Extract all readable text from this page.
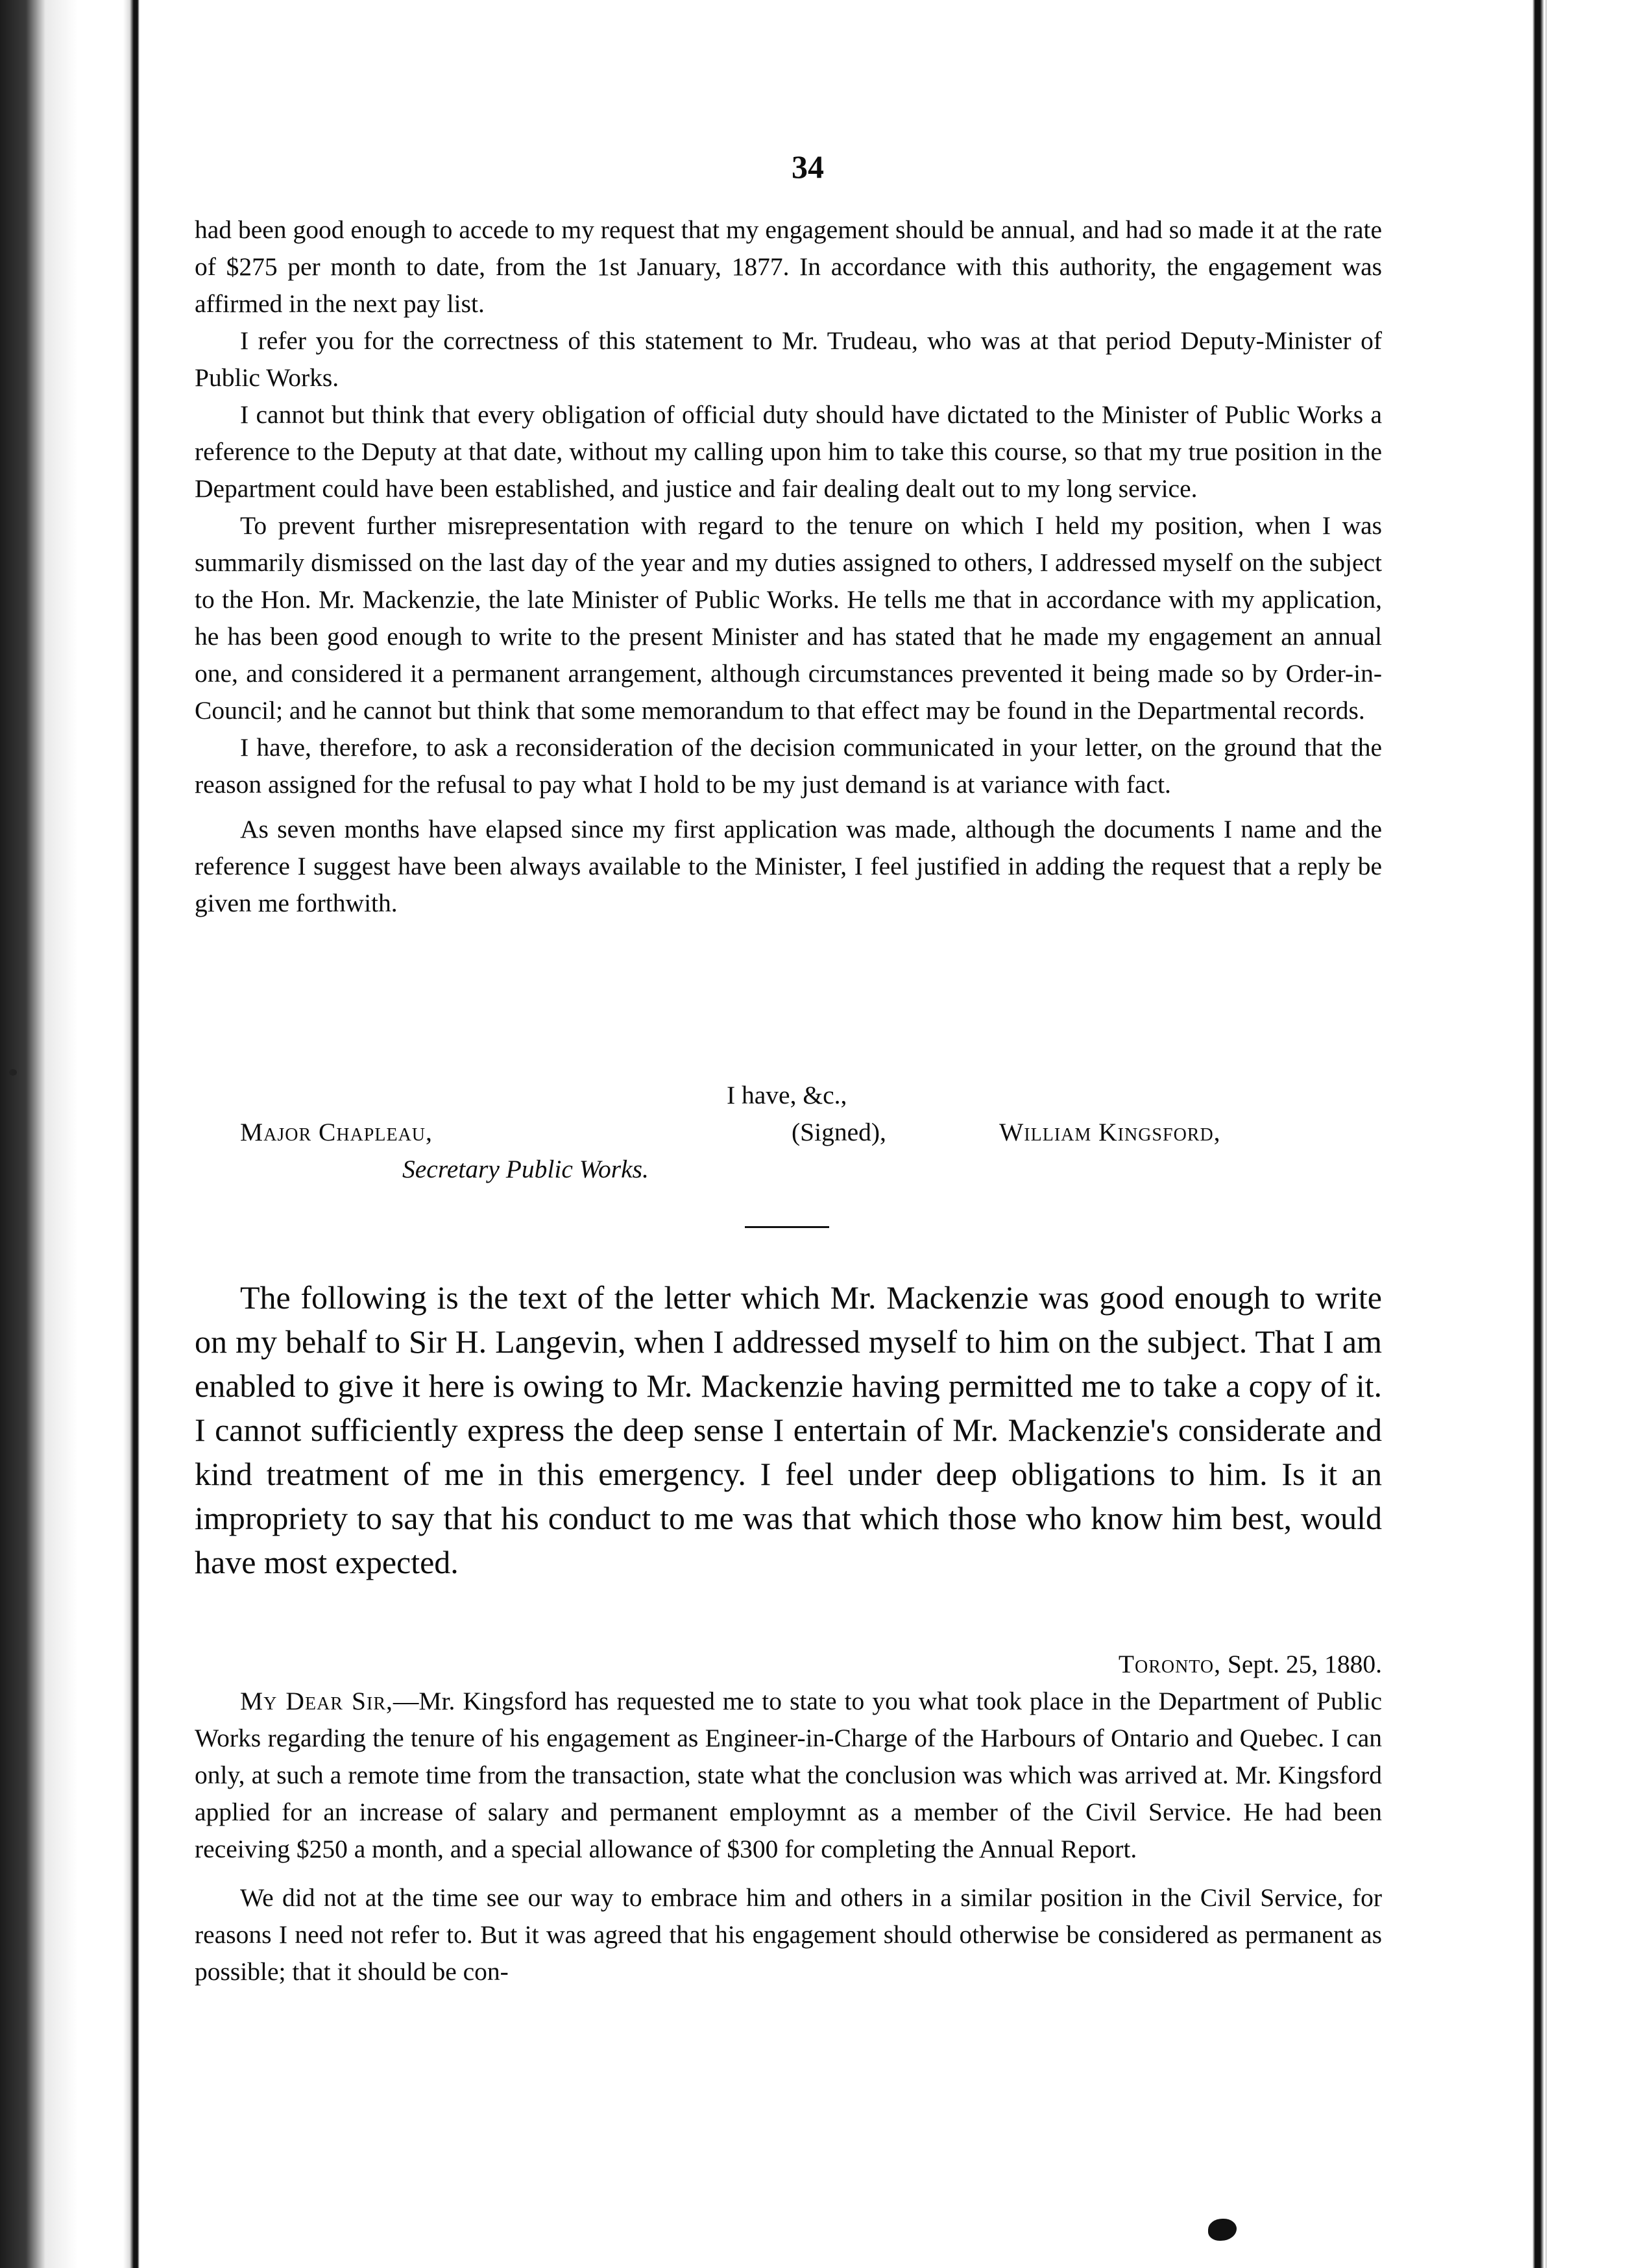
34

had been good enough to accede to my request that my engagement should be annual, and had so made it at the rate of $275 per month to date, from the 1st January, 1877. In accordance with this authority, the engagement was affirmed in the next pay list.

I refer you for the correctness of this statement to Mr. Trudeau, who was at that period Deputy-Minister of Public Works.

I cannot but think that every obligation of official duty should have dictated to the Minister of Public Works a reference to the Deputy at that date, without my calling upon him to take this course, so that my true position in the Department could have been established, and justice and fair dealing dealt out to my long service.

To prevent further misrepresentation with regard to the tenure on which I held my position, when I was summarily dismissed on the last day of the year and my duties assigned to others, I addressed myself on the subject to the Hon. Mr. Mackenzie, the late Minister of Public Works. He tells me that in accordance with my application, he has been good enough to write to the present Minister and has stated that he made my engagement an annual one, and considered it a permanent arrangement, although circumstances prevented it being made so by Order-in-Council; and he cannot but think that some memorandum to that effect may be found in the Departmental records.

I have, therefore, to ask a reconsideration of the decision communicated in your letter, on the ground that the reason assigned for the refusal to pay what I hold to be my just demand is at variance with fact.

As seven months have elapsed since my first application was made, although the documents I name and the reference I suggest have been always available to the Minister, I feel justified in adding the request that a reply be given me forthwith.

I have, &c.,
Major Chapleau,	(Signed),	William Kingsford,
Secretary Public Works.

The following is the text of the letter which Mr. Mackenzie was good enough to write on my behalf to Sir H. Langevin, when I addressed myself to him on the subject. That I am enabled to give it here is owing to Mr. Mackenzie having permitted me to take a copy of it. I cannot sufficiently express the deep sense I entertain of Mr. Mackenzie's considerate and kind treatment of me in this emergency. I feel under deep obligations to him. Is it an impropriety to say that his conduct to me was that which those who know him best, would have most expected.

Toronto, Sept. 25, 1880.

My Dear Sir,—Mr. Kingsford has requested me to state to you what took place in the Department of Public Works regarding the tenure of his engagement as Engineer-in-Charge of the Harbours of Ontario and Quebec. I can only, at such a remote time from the transaction, state what the conclusion was which was arrived at. Mr. Kingsford applied for an increase of salary and permanent employmnt as a member of the Civil Service. He had been receiving $250 a month, and a special allowance of $300 for completing the Annual Report.

We did not at the time see our way to embrace him and others in a similar position in the Civil Service, for reasons I need not refer to. But it was agreed that his engagement should otherwise be considered as permanent as possible; that it should be con-
